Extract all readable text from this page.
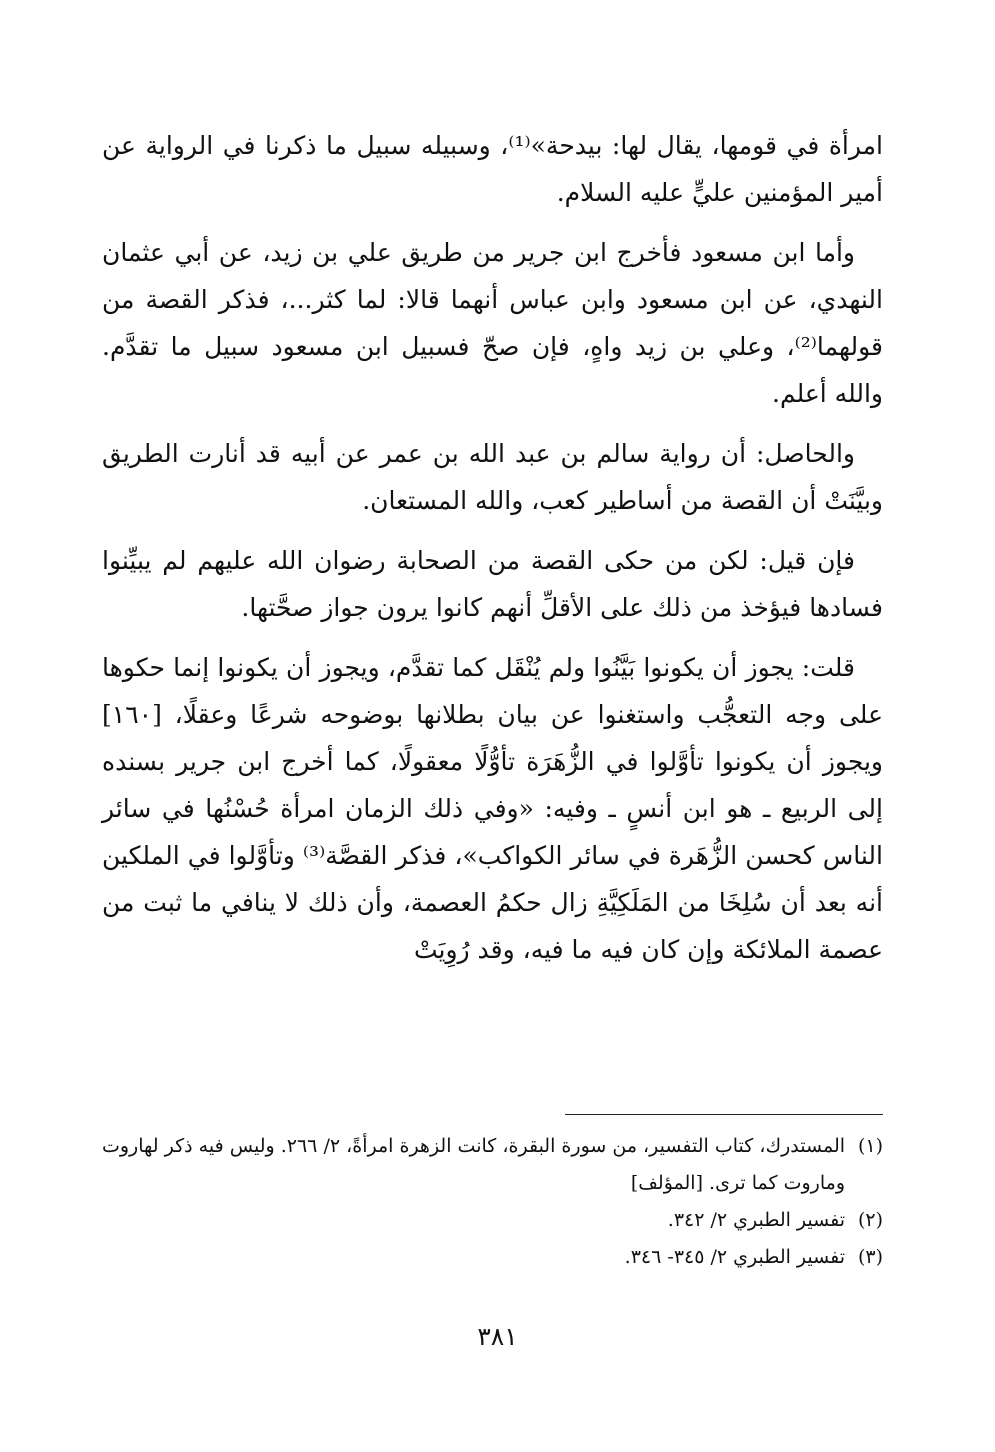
امرأة في قومها، يقال لها: بيدحة»⁽¹⁾، وسبيله سبيل ما ذكرنا في الرواية عن أمير المؤمنين عليٍّ عليه السلام.

وأما ابن مسعود فأخرج ابن جرير من طريق علي بن زيد، عن أبي عثمان النهدي، عن ابن مسعود وابن عباس أنهما قالا: لما كثر...، فذكر القصة من قولهما⁽²⁾، وعلي بن زيد واهٍ، فإن صحّ فسبيل ابن مسعود سبيل ما تقدَّم. والله أعلم.

والحاصل: أن رواية سالم بن عبد الله بن عمر عن أبيه قد أنارت الطريق وبيَّنَتْ أن القصة من أساطير كعب، والله المستعان.

فإن قيل: لكن من حكى القصة من الصحابة رضوان الله عليهم لم يبيِّنوا فسادها فيؤخذ من ذلك على الأقلِّ أنهم كانوا يرون جواز صحَّتها.

قلت: يجوز أن يكونوا بَيَّنُوا ولم يُنْقَل كما تقدَّم، ويجوز أن يكونوا إنما حكوها على وجه التعجُّب واستغنوا عن بيان بطلانها بوضوحه شرعًا وعقلًا، [١٦٠] ويجوز أن يكونوا تأوَّلوا في الزُّهَرَة تأوُّلًا معقولًا، كما أخرج ابن جرير بسنده إلى الربيع ـ هو ابن أنسٍ ـ وفيه: «وفي ذلك الزمان امرأة حُسْنُها في سائر الناس كحسن الزُّهَرة في سائر الكواكب»، فذكر القصَّة⁽³⁾ وتأوَّلوا في الملكين أنه بعد أن سُلِخَا من المَلَكِيَّةِ زال حكمُ العصمة، وأن ذلك لا ينافي ما ثبت من عصمة الملائكة وإن كان فيه ما فيه، وقد رُوِيَتْ

(١)
المستدرك، كتاب التفسير، من سورة البقرة، كانت الزهرة امرأةً، ٢/ ٢٦٦. وليس فيه ذكر لهاروت وماروت كما ترى. [المؤلف]
(٢)
تفسير الطبري ٢/ ٣٤٢.
(٣)
تفسير الطبري ٢/ ٣٤٥- ٣٤٦.
٣٨١
